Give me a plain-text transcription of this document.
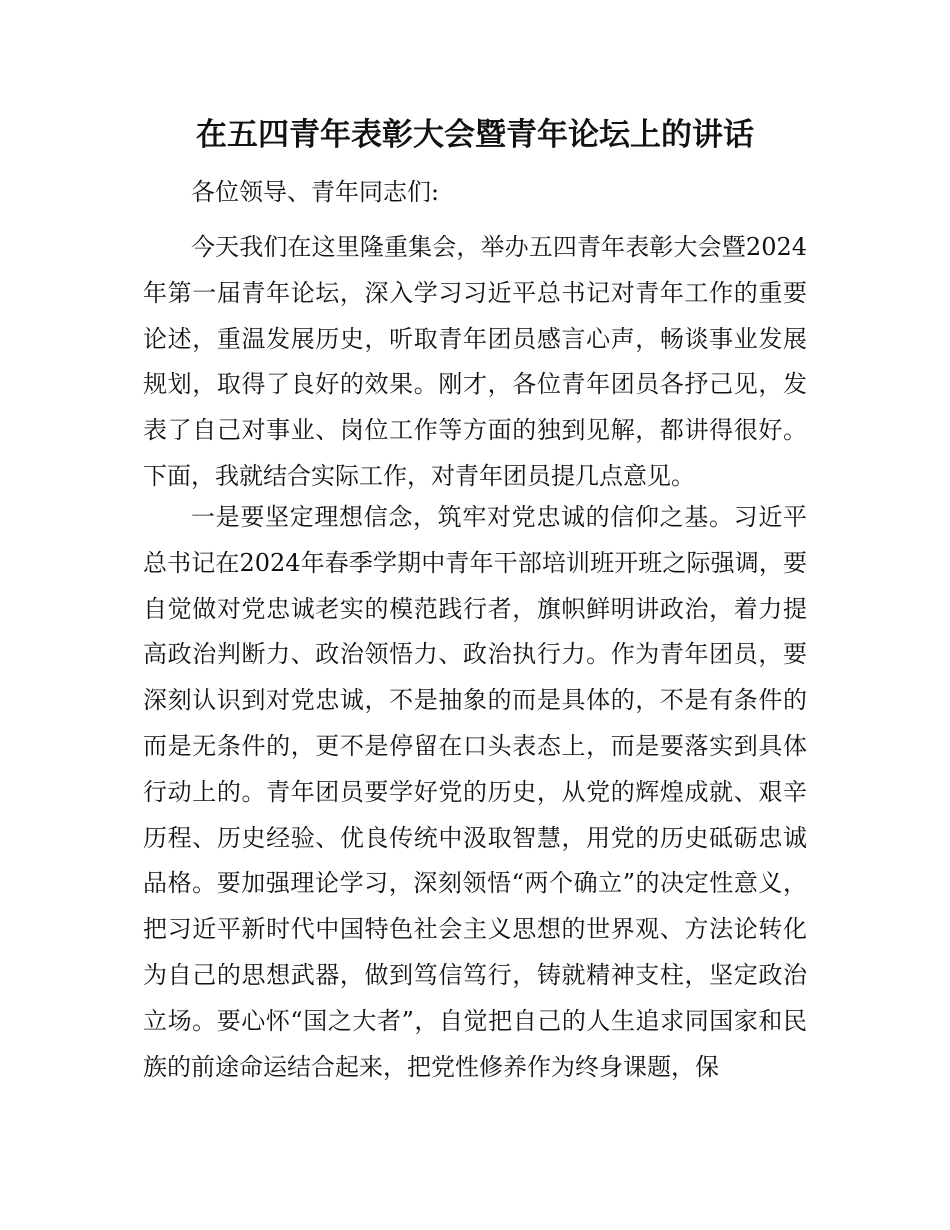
在五四青年表彰大会暨青年论坛上的讲话

各位领导、青年同志们:

今天我们在这里隆重集会，举办五四青年表彰大会暨2024年第一届青年论坛，深入学习习近平总书记对青年工作的重要论述，重温发展历史，听取青年团员感言心声，畅谈事业发展规划，取得了良好的效果。刚才，各位青年团员各抒己见，发表了自己对事业、岗位工作等方面的独到见解，都讲得很好。下面，我就结合实际工作，对青年团员提几点意见。

一是要坚定理想信念，筑牢对党忠诚的信仰之基。习近平总书记在2024年春季学期中青年干部培训班开班之际强调，要自觉做对党忠诚老实的模范践行者，旗帜鲜明讲政治，着力提高政治判断力、政治领悟力、政治执行力。作为青年团员，要深刻认识到对党忠诚，不是抽象的而是具体的，不是有条件的而是无条件的，更不是停留在口头表态上，而是要落实到具体行动上的。青年团员要学好党的历史，从党的辉煌成就、艰辛历程、历史经验、优良传统中汲取智慧，用党的历史砥砺忠诚品格。要加强理论学习，深刻领悟“两个确立”的决定性意义，把习近平新时代中国特色社会主义思想的世界观、方法论转化为自己的思想武器，做到笃信笃行，铸就精神支柱，坚定政治立场。要心怀“国之大者”，自觉把自己的人生追求同国家和民族的前途命运结合起来，把党性修养作为终身课题，保
